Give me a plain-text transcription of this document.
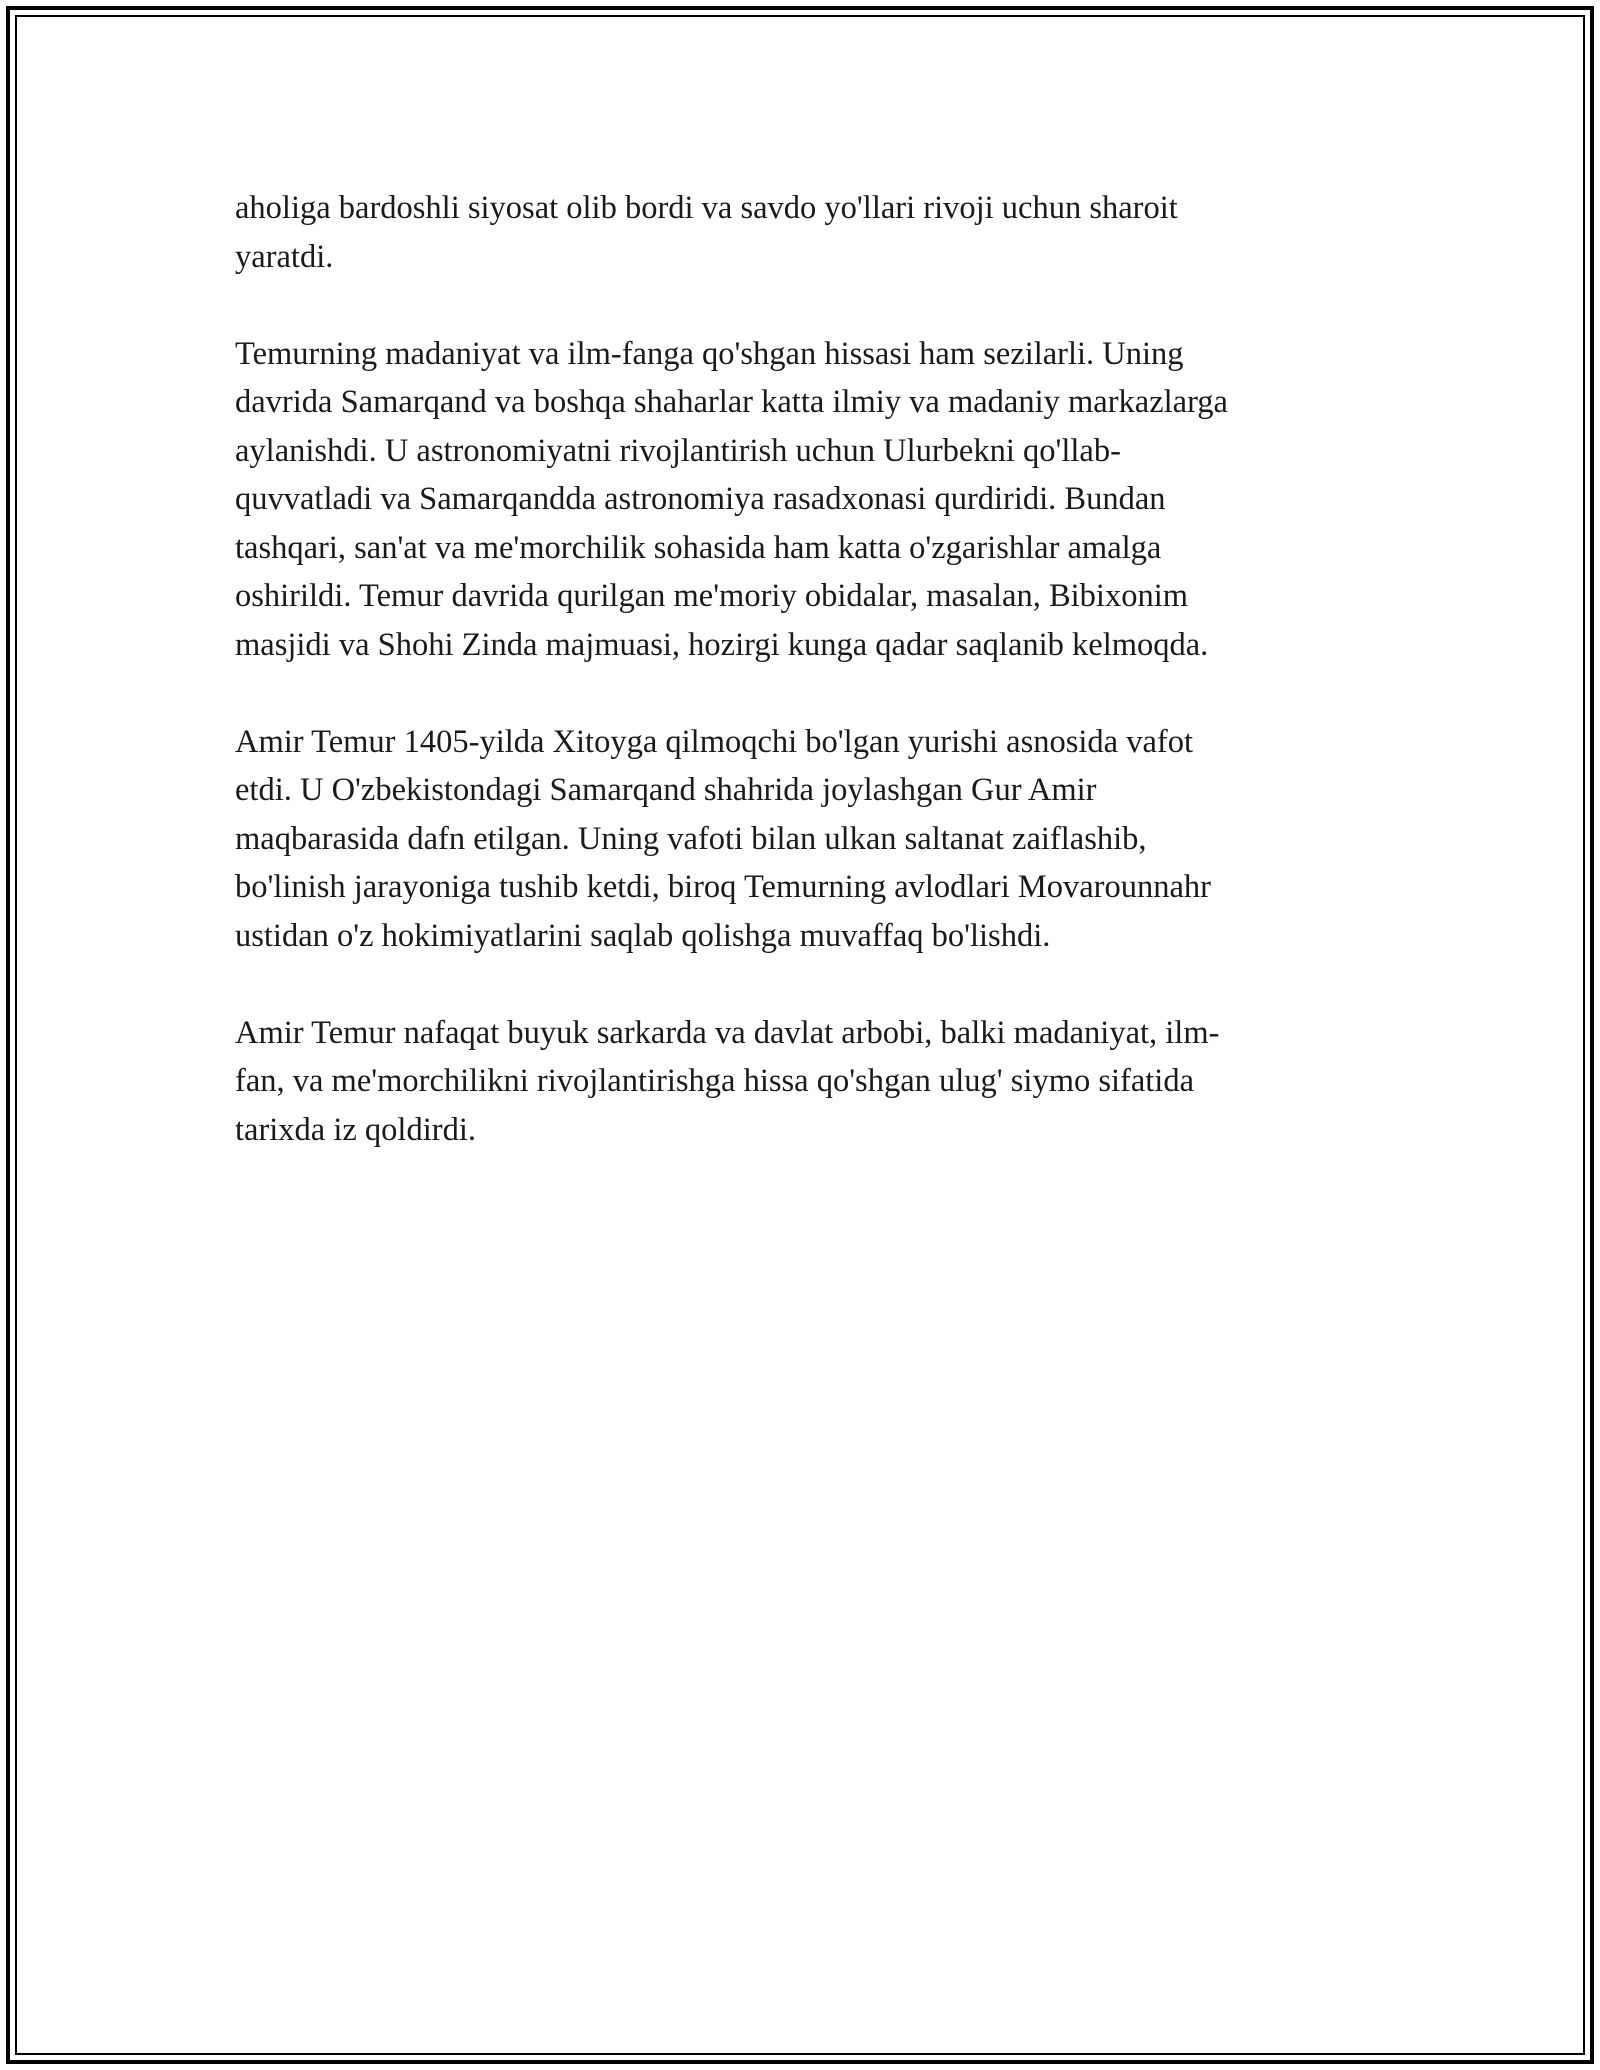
aholiga bardoshli siyosat olib bordi va savdo yo'llari rivoji uchun sharoit
yaratdi.
Temurning madaniyat va ilm-fanga qo'shgan hissasi ham sezilarli. Uning
davrida Samarqand va boshqa shaharlar katta ilmiy va madaniy markazlarga
aylanishdi. U astronomiyatni rivojlantirish uchun Ulurbekni qo'llab-
quvvatladi va Samarqandda astronomiya rasadxonasi qurdiridi. Bundan
tashqari, san'at va me'morchilik sohasida ham katta o'zgarishlar amalga
oshirildi. Temur davrida qurilgan me'moriy obidalar, masalan, Bibixonim
masjidi va Shohi Zinda majmuasi, hozirgi kunga qadar saqlanib kelmoqda.
Amir Temur 1405-yilda Xitoyga qilmoqchi bo'lgan yurishi asnosida vafot
etdi. U O'zbekistondagi Samarqand shahrida joylashgan Gur Amir
maqbarasida dafn etilgan. Uning vafoti bilan ulkan saltanat zaiflashib,
bo'linish jarayoniga tushib ketdi, biroq Temurning avlodlari Movarounnahr
ustidan o'z hokimiyatlarini saqlab qolishga muvaffaq bo'lishdi.
Amir Temur nafaqat buyuk sarkarda va davlat arbobi, balki madaniyat, ilm-
fan, va me'morchilikni rivojlantirishga hissa qo'shgan ulug' siymo sifatida
tarixda iz qoldirdi.
